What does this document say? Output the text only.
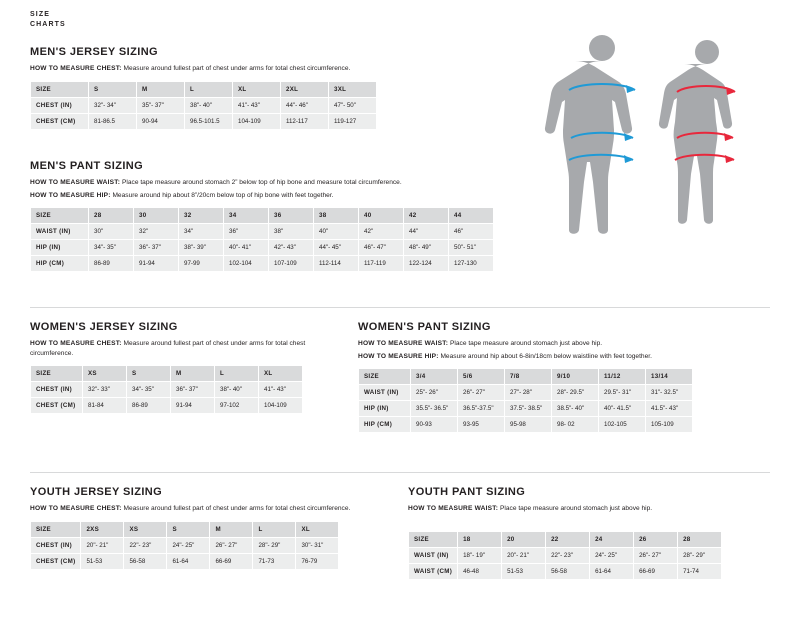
SIZE
CHARTS
MEN'S JERSEY SIZING
HOW TO MEASURE CHEST: Measure around fullest part of chest under arms for total chest circumference.
SIZE	S	M	L	XL	2XL	3XL
CHEST (IN)	32"- 34"	35"- 37"	38"- 40"	41"- 43"	44"- 46"	47"- 50"
CHEST (CM)	81-86.5	90-94	96.5-101.5	104-109	112-117	119-127
MEN'S PANT SIZING
HOW TO MEASURE WAIST: Place tape measure around stomach 2” below top of hip bone and measure total circumference.
HOW TO MEASURE HIP: Measure around hip about 8”/20cm below top of hip bone with feet together.
SIZE	28	30	32	34	36	38	40	42	44
WAIST (IN)	30"	32"	34"	36"	38"	40"	42"	44"	46"
HIP (IN)	34"- 35"	36"- 37"	38"- 39"	40"- 41"	42"- 43"	44"- 45"	46"- 47"	48"- 49"	50"- 51"
HIP (CM)	86-89	91-94	97-99	102-104	107-109	112-114	117-119	122-124	127-130
WOMEN'S JERSEY SIZING
HOW TO MEASURE CHEST: Measure around fullest part of chest under arms for total chest circumference.
SIZE	XS	S	M	L	XL
CHEST (IN)	32"- 33"	34"- 35"	36"- 37"	38"- 40"	41"- 43"
CHEST (CM)	81-84	86-89	91-94	97-102	104-109
WOMEN'S PANT SIZING
HOW TO MEASURE WAIST: Place tape measure around stomach just above hip.
HOW TO MEASURE HIP: Measure around hip about 6-8in/18cm below waistline with feet together.
SIZE	3/4	5/6	7/8	9/10	11/12	13/14
WAIST (IN)	25"- 26"	26"- 27"	27"- 28"	28"- 29.5"	29.5"- 31"	31"- 32.5"
HIP (IN)	35.5"- 36.5"	36.5"-37.5"	37.5"- 38.5"	38.5"- 40"	40"- 41.5"	41.5"- 43"
HIP (CM)	90-93	93-95	95-98	98- 02	102-105	105-109
YOUTH JERSEY SIZING
HOW TO MEASURE CHEST: Measure around fullest part of chest under arms for total chest circumference.
SIZE	2XS	XS	S	M	L	XL
CHEST (IN)	20"- 21"	22"- 23"	24"- 25"	26"- 27"	28"- 29"	30"- 31"
CHEST (CM)	51-53	56-58	61-64	66-69	71-73	76-79
YOUTH PANT SIZING
HOW TO MEASURE WAIST: Place tape measure around stomach just above hip.
SIZE	18	20	22	24	26	28
WAIST (IN)	18"- 19"	20"- 21"	22"- 23"	24"- 25"	26"- 27"	28"- 29"
WAIST (CM)	46-48	51-53	56-58	61-64	66-69	71-74
